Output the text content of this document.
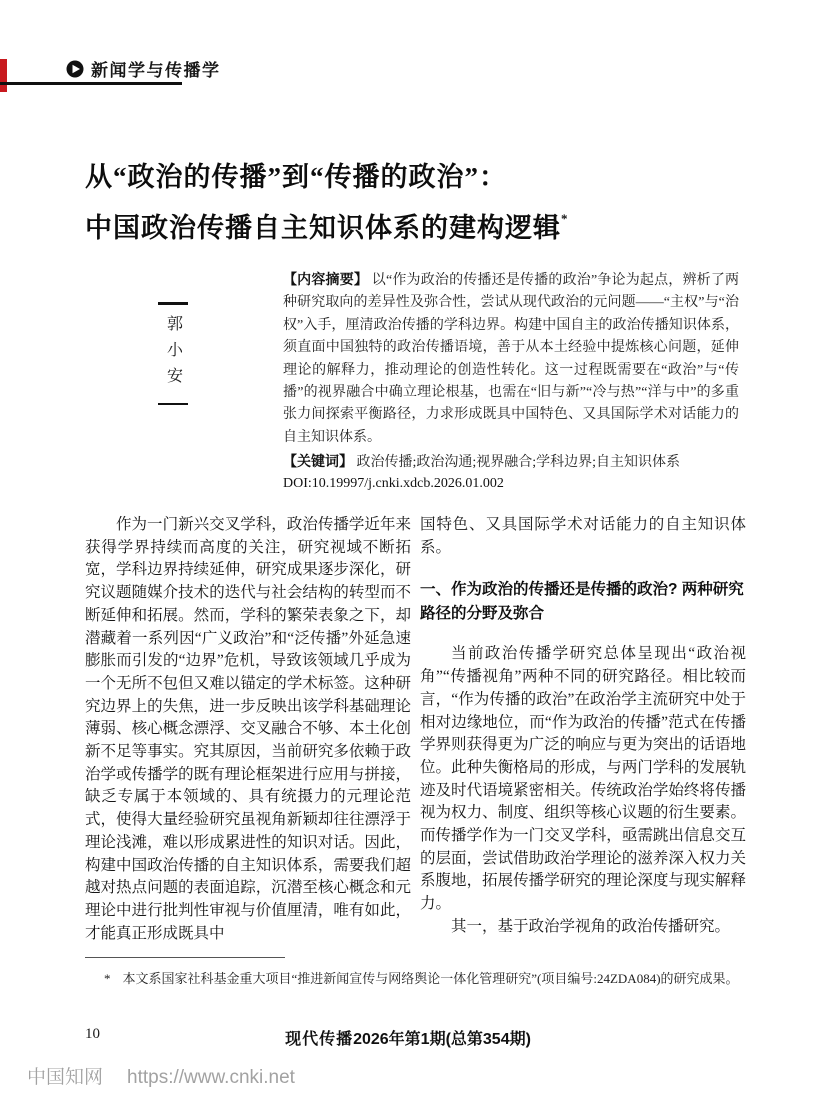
新闻学与传播学
从“政治的传播”到“传播的政治”：
中国政治传播自主知识体系的建构逻辑*
郭小安
【内容摘要】 以“作为政治的传播还是传播的政治”争论为起点，辨析了两种研究取向的差异性及弥合性，尝试从现代政治的元问题——“主权”与“治权”入手，厘清政治传播的学科边界。构建中国自主的政治传播知识体系，须直面中国独特的政治传播语境，善于从本土经验中提炼核心问题，延伸理论的解释力，推动理论的创造性转化。这一过程既需要在“政治”与“传播”的视界融合中确立理论根基，也需在“旧与新”“冷与热”“洋与中”的多重张力间探索平衡路径，力求形成既具中国特色、又具国际学术对话能力的自主知识体系。
【关键词】 政治传播;政治沟通;视界融合;学科边界;自主知识体系
DOI:10.19997/j.cnki.xdcb.2026.01.002

作为一门新兴交叉学科，政治传播学近年来获得学界持续而高度的关注，研究视域不断拓宽，学科边界持续延伸，研究成果逐步深化，研究议题随媒介技术的迭代与社会结构的转型而不断延伸和拓展。然而，学科的繁荣表象之下，却潜藏着一系列因“广义政治”和“泛传播”外延急速膨胀而引发的“边界”危机，导致该领域几乎成为一个无所不包但又难以锚定的学术标签。这种研究边界上的失焦，进一步反映出该学科基础理论薄弱、核心概念漂浮、交叉融合不够、本土化创新不足等事实。究其原因，当前研究多依赖于政治学或传播学的既有理论框架进行应用与拼接，缺乏专属于本领域的、具有统摄力的元理论范式，使得大量经验研究虽视角新颖却往往漂浮于理论浅滩，难以形成累进性的知识对话。因此，构建中国政治传播的自主知识体系，需要我们超越对热点问题的表面追踪，沉潜至核心概念和元理论中进行批判性审视与价值厘清，唯有如此，才能真正形成既具中

国特色、又具国际学术对话能力的自主知识体系。

一、作为政治的传播还是传播的政治? 两种研究路径的分野及弥合

当前政治传播学研究总体呈现出“政治视角”“传播视角”两种不同的研究路径。相比较而言，“作为传播的政治”在政治学主流研究中处于相对边缘地位，而“作为政治的传播”范式在传播学界则获得更为广泛的响应与更为突出的话语地位。此种失衡格局的形成，与两门学科的发展轨迹及时代语境紧密相关。传统政治学始终将传播视为权力、制度、组织等核心议题的衍生要素。而传播学作为一门交叉学科，亟需跳出信息交互的层面，尝试借助政治学理论的滋养深入权力关系腹地，拓展传播学研究的理论深度与现实解释力。

其一，基于政治学视角的政治传播研究。

* 本文系国家社科基金重大项目“推进新闻宣传与网络舆论一体化管理研究”(项目编号:24ZDA084)的研究成果。
10	现代传播2026年第1期(总第354期)
中国知网 https://www.cnki.net
